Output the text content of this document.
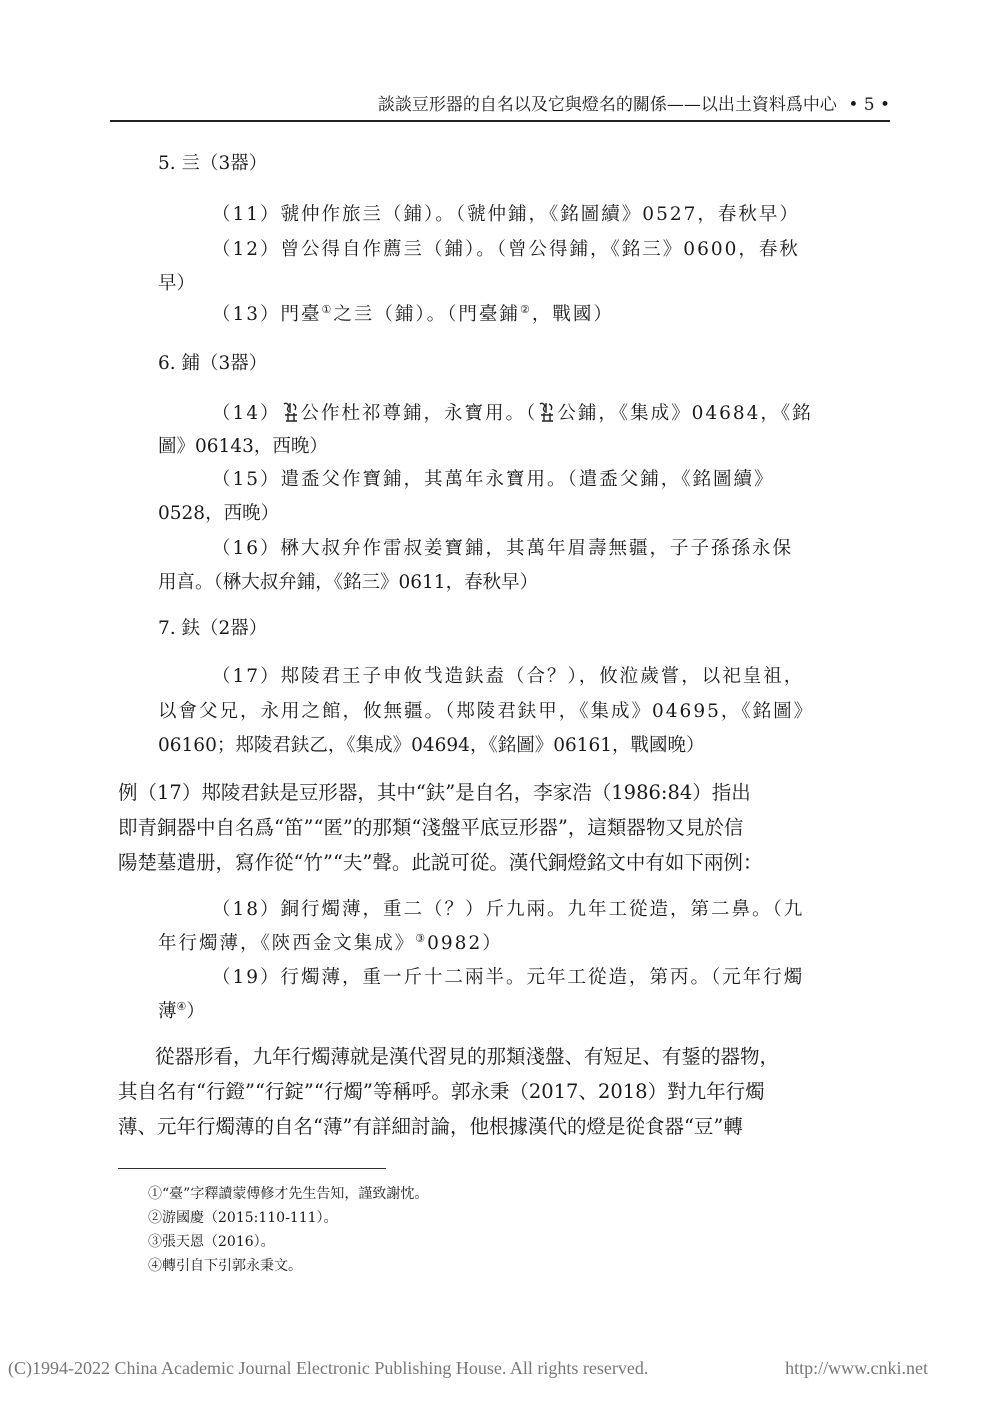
談談豆形器的自名以及它與燈名的關係——以出土資料爲中心 • 5 •
5. 亖（3器）
（11）虢仲作旅亖（鋪）。（虢仲鋪，《銘圖續》0527，春秋早）
（12）曾公得自作薦亖（鋪）。（曾公得鋪，《銘三》0600，春秋
早）
（13）門臺①之亖（鋪）。（門臺鋪②，戰國）
6. 鋪（3器）
（14） 公作杜祁尊鋪，永寶用。（ 公鋪，《集成》04684，《銘
圖》06143，西晚）
（15）遣盉父作寶鋪，其萬年永寶用。（遣盉父鋪，《銘圖續》
0528，西晚）
（16）楙大叔弁作雷叔姜寶鋪，其萬年眉壽無疆，子子孫孫永保
用亯。（楙大叔弁鋪，《銘三》0611，春秋早）
7. 鈇（2器）
（17）䢼陵君王子申攸𢦏造鈇盍（合？），攸涖歲嘗，以祀皇祖，
以會父兄，永用之館，攸無疆。（䢼陵君鈇甲，《集成》04695，《銘圖》
06160；䢼陵君鈇乙，《集成》04694，《銘圖》06161，戰國晚）
例（17）䢼陵君鈇是豆形器，其中“鈇”是自名，李家浩（1986:84）指出
即青銅器中自名爲“笛”“匿”的那類“淺盤平底豆形器”，這類器物又見於信
陽楚墓遣册，寫作從“竹”“夫”聲。此説可從。漢代銅燈銘文中有如下兩例：
（18）銅行燭薄，重二（？）斤九兩。九年工從造，第二鼻。（九
年行燭薄，《陝西金文集成》③0982）
（19）行燭薄，重一斤十二兩半。元年工從造，第丙。（元年行燭
薄④）
從器形看，九年行燭薄就是漢代習見的那類淺盤、有短足、有鋬的器物，
其自名有“行鐙”“行錠”“行燭”等稱呼。郭永秉（2017、2018）對九年行燭
薄、元年行燭薄的自名“薄”有詳細討論，他根據漢代的燈是從食器“豆”轉
①“臺”字釋讀蒙傅修才先生告知，謹致謝忱。
②游國慶（2015:110-111）。
③張天恩（2016）。
④轉引自下引郭永秉文。
(C)1994-2022 China Academic Journal Electronic Publishing House. All rights reserved.	http://www.cnki.net
